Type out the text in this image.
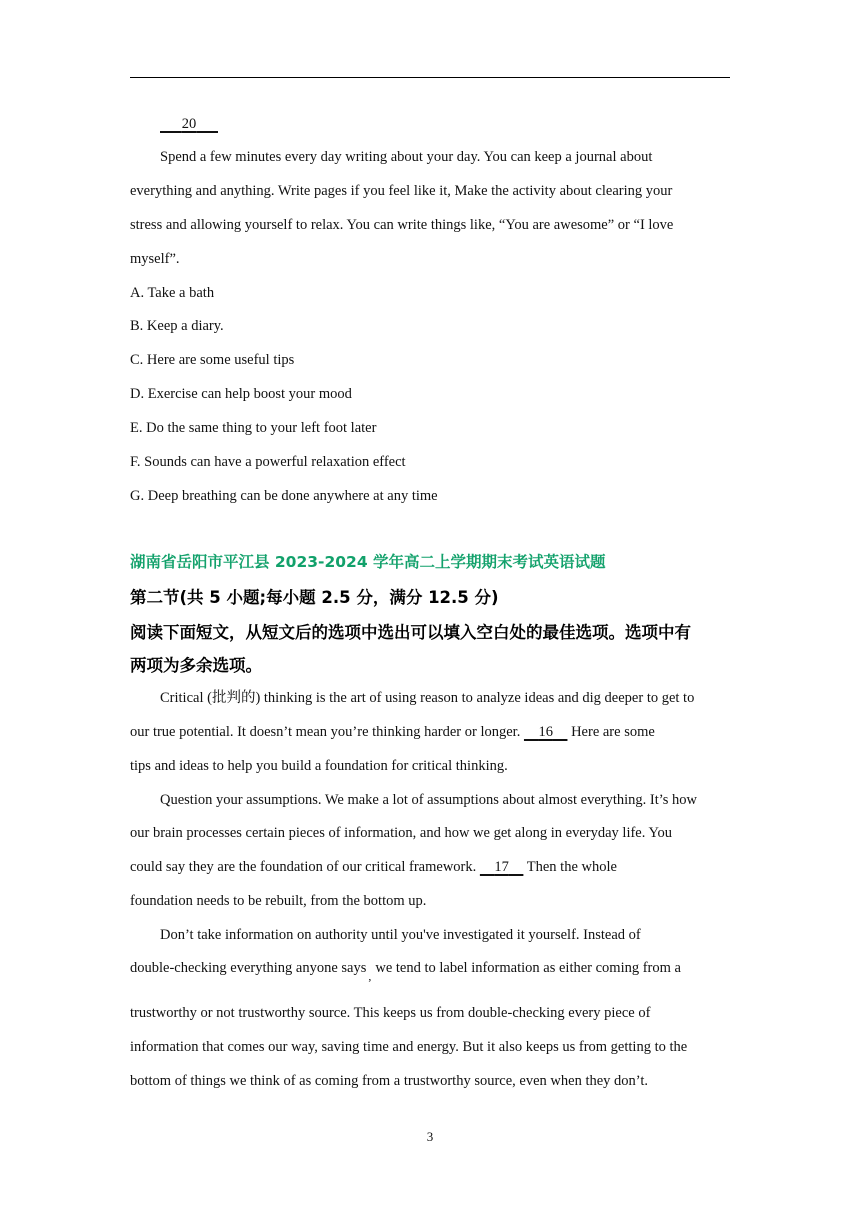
20
Spend a few minutes every day writing about your day. You can keep a journal about
everything and anything. Write pages if you feel like it, Make the activity about clearing your
stress and allowing yourself to relax. You can write things like, “You are awesome” or “I love
myself”.
A. Take a bath
B. Keep a diary.
C. Here are some useful tips
D. Exercise can help boost your mood
E. Do the same thing to your left foot later
F. Sounds can have a powerful relaxation effect
G. Deep breathing can be done anywhere at any time
湖南省岳阳市平江县 2023-2024 学年高二上学期期末考试英语试题
第二节(共 5 小题;每小题 2.5 分，满分 12.5 分)
阅读下面短文，从短文后的选项中选出可以填入空白处的最佳选项。选项中有
两项为多余选项。
Critical (批判的) thinking is the art of using reason to analyze ideas and dig deeper to get to
our true potential. It doesn’t mean you’re thinking harder or longer. 16 Here are some
tips and ideas to help you build a foundation for critical thinking.
Question your assumptions. We make a lot of assumptions about almost everything. It’s how
our brain processes certain pieces of information, and how we get along in everyday life. You
could say they are the foundation of our critical framework. 17 Then the whole
foundation needs to be rebuilt, from the bottom up.
Don’t take information on authority until you've investigated it yourself. Instead of
double-checking everything anyone says $_,$ we tend to label information as either coming from a
trustworthy or not trustworthy source. This keeps us from double-checking every piece of
information that comes our way, saving time and energy. But it also keeps us from getting to the
bottom of things we think of as coming from a trustworthy source, even when they don’t.
3
